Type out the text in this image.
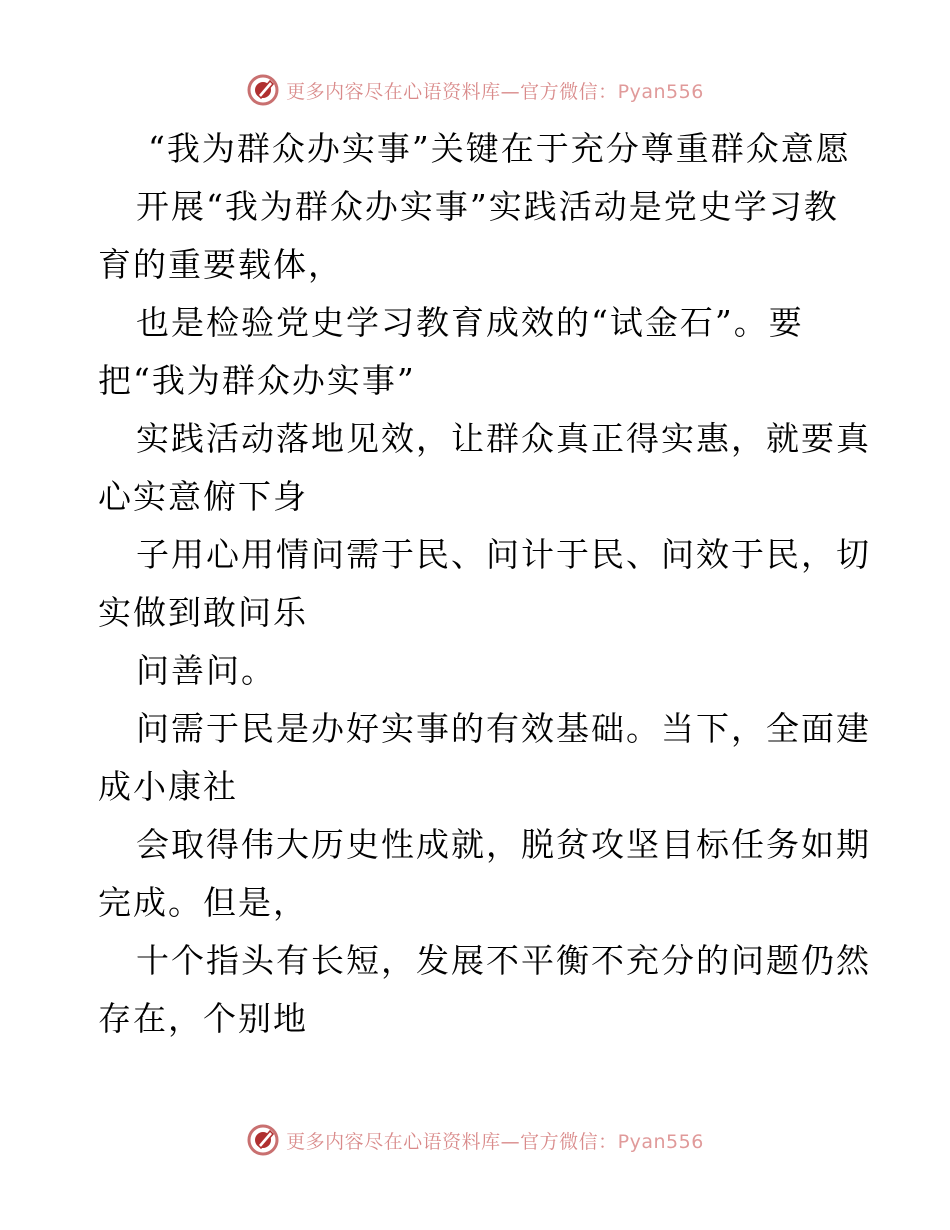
更多内容尽在心语资料库—官方微信：Pyan556
“我为群众办实事”关键在于充分尊重群众意愿
开展“我为群众办实事”实践活动是党史学习教
育的重要载体，
也是检验党史学习教育成效的“试金石”。要
把“我为群众办实事”
实践活动落地见效，让群众真正得实惠，就要真
心实意俯下身
子用心用情问需于民、问计于民、问效于民，切
实做到敢问乐
问善问。
问需于民是办好实事的有效基础。当下，全面建
成小康社
会取得伟大历史性成就，脱贫攻坚目标任务如期
完成。但是，
十个指头有长短，发展不平衡不充分的问题仍然
存在，个别地
更多内容尽在心语资料库—官方微信：Pyan556
